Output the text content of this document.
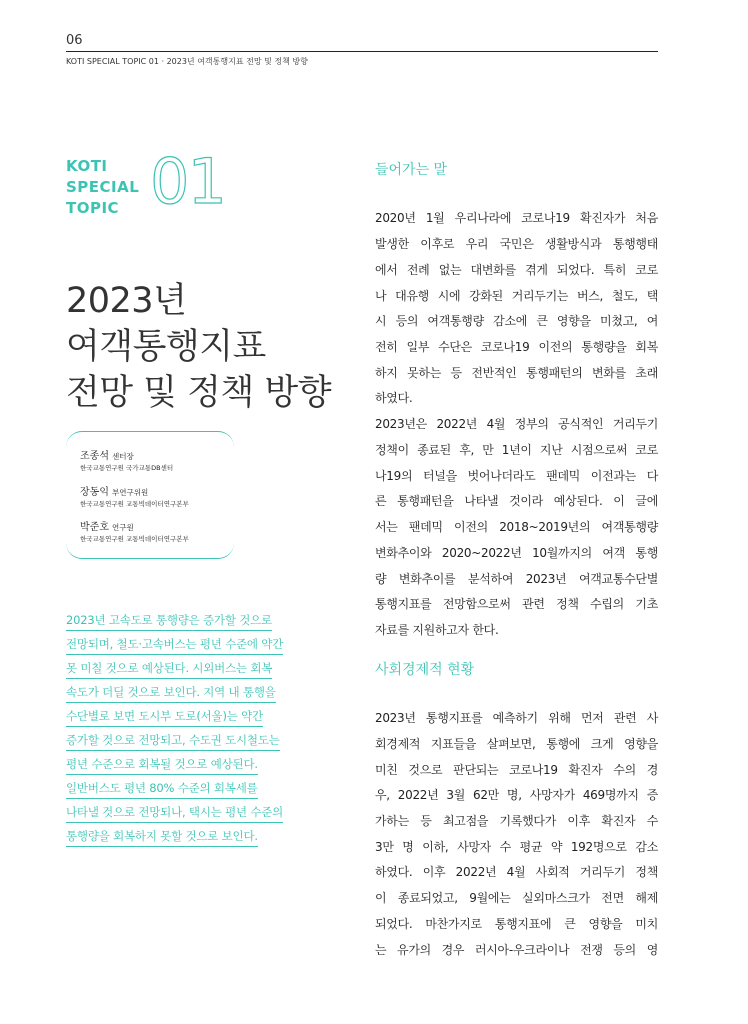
06
KOTI SPECIAL TOPIC 01 · 2023년 여객통행지표 전망 및 정책 방향
KOTI
SPECIAL
TOPIC 01
2023년
여객통행지표
전망 및 정책 방향
조종석 센터장
한국교통연구원 국가교통DB센터
장동익 부연구위원
한국교통연구원 교통빅데이터연구본부
박준호 연구원
한국교통연구원 교통빅데이터연구본부
2023년 고속도로 통행량은 증가할 것으로
전망되며, 철도·고속버스는 평년 수준에 약간
못 미칠 것으로 예상된다. 시외버스는 회복
속도가 더딜 것으로 보인다. 지역 내 통행을
수단별로 보면 도시부 도로(서울)는 약간
증가할 것으로 전망되고, 수도권 도시철도는
평년 수준으로 회복될 것으로 예상된다.
일반버스도 평년 80% 수준의 회복세를
나타낼 것으로 전망되나, 택시는 평년 수준의
통행량을 회복하지 못할 것으로 보인다.
들어가는 말
2020년 1월 우리나라에 코로나19 확진자가 처음
발생한 이후로 우리 국민은 생활방식과 통행행태
에서 전례 없는 대변화를 겪게 되었다. 특히 코로
나 대유행 시에 강화된 거리두기는 버스, 철도, 택
시 등의 여객통행량 감소에 큰 영향을 미쳤고, 여
전히 일부 수단은 코로나19 이전의 통행량을 회복
하지 못하는 등 전반적인 통행패턴의 변화를 초래
하였다.
2023년은 2022년 4월 정부의 공식적인 거리두기
정책이 종료된 후, 만 1년이 지난 시점으로써 코로
나19의 터널을 벗어나더라도 팬데믹 이전과는 다
른 통행패턴을 나타낼 것이라 예상된다. 이 글에
서는 팬데믹 이전의 2018~2019년의 여객통행량
변화추이와 2020~2022년 10월까지의 여객 통행
량 변화추이를 분석하여 2023년 여객교통수단별
통행지표를 전망함으로써 관련 정책 수립의 기초
자료를 지원하고자 한다.
사회경제적 현황
2023년 통행지표를 예측하기 위해 먼저 관련 사
회경제적 지표들을 살펴보면, 통행에 크게 영향을
미친 것으로 판단되는 코로나19 확진자 수의 경
우, 2022년 3월 62만 명, 사망자가 469명까지 증
가하는 등 최고점을 기록했다가 이후 확진자 수
3만 명 이하, 사망자 수 평균 약 192명으로 감소
하였다. 이후 2022년 4월 사회적 거리두기 정책
이 종료되었고, 9월에는 실외마스크가 전면 해제
되었다. 마찬가지로 통행지표에 큰 영향을 미치
는 유가의 경우 러시아-우크라이나 전쟁 등의 영
